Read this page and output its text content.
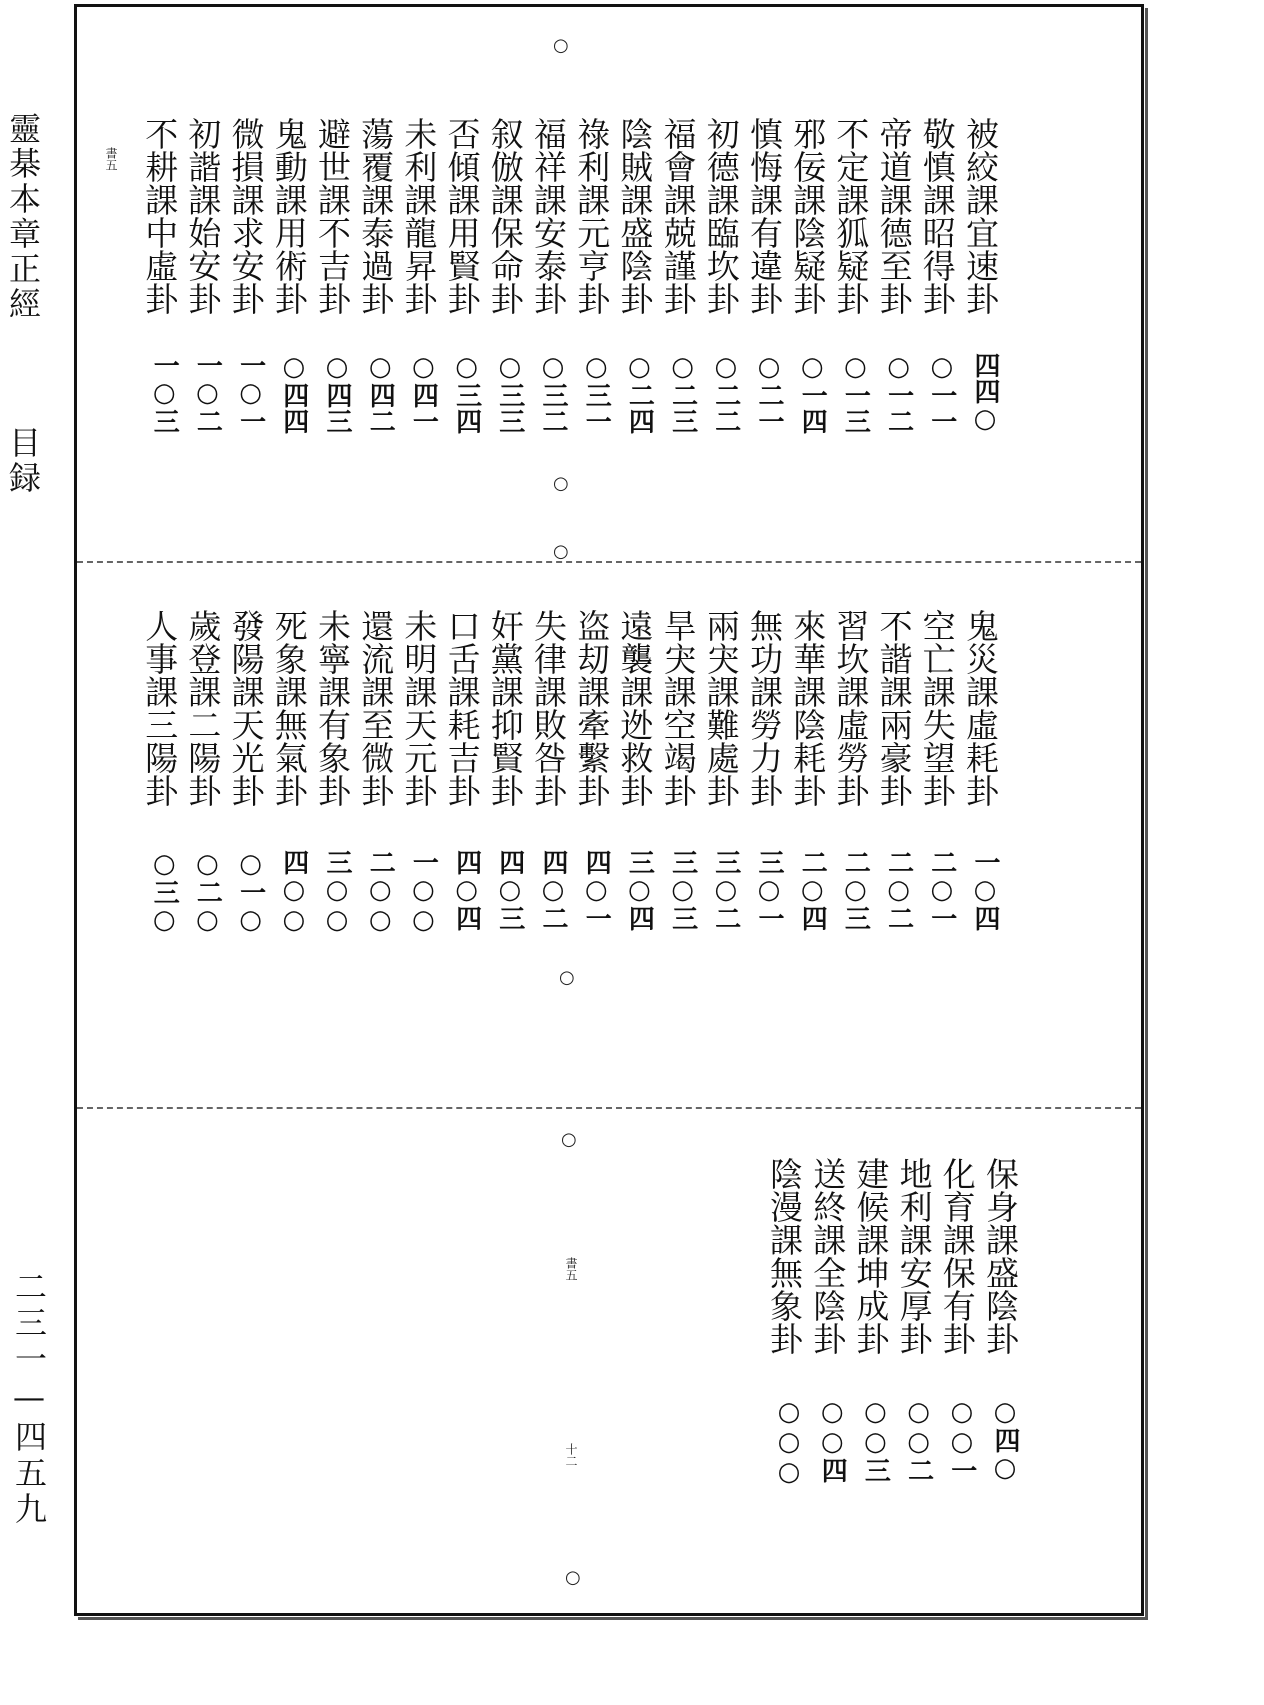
靈棊本章正經  目録
二三一—四五九
○
○
書五	被絞課宜速卦
四四○
敬慎課昭得卦
○一一
帝道課德至卦
○一二
不定課狐疑卦
○一三
邪佞課陰疑卦
○一四
慎悔課有違卦
○二一
初德課臨坎卦
○二二
福會課兢謹卦
○二三
陰賊課盛陰卦
○二四
祿利課元亨卦
○三一
福祥課安泰卦
○三二
叙倣課保命卦
○三三
否傾課用賢卦
○三四
未利課龍昇卦
○四一
蕩覆課泰過卦
○四二
避世課不吉卦
○四三
鬼動課用術卦
○四四
微損課求安卦
一○一
初諧課始安卦
一○二
不耕課中虛卦
一○三
○
○
鬼災課虛耗卦
一○四
空亡課失望卦
二○一
不諧課兩豪卦
二○二
習坎課虛勞卦
二○三
來華課陰耗卦
二○四
無功課勞力卦
三○一
兩宊課難處卦
三○二
旱宊課空竭卦
三○三
遠襲課迯救卦
三○四
盗刧課牽繫卦
四○一
失律課敗咎卦
四○二
奸黨課抑賢卦
四○三
口舌課耗吉卦
四○四
未明課天元卦
一○○
還流課至微卦
二○○
未寧課有象卦
三○○
死象課無氣卦
四○○
發陽課天光卦
○一○
歲登課二陽卦
○二○
人事課三陽卦
○三○
○
書五
十二
○
保身課盛陰卦
○四○
化育課保有卦
○○一
地利課安厚卦
○○二
建候課坤成卦
○○三
送終課全陰卦
○○四
陰漫課無象卦
○○○
